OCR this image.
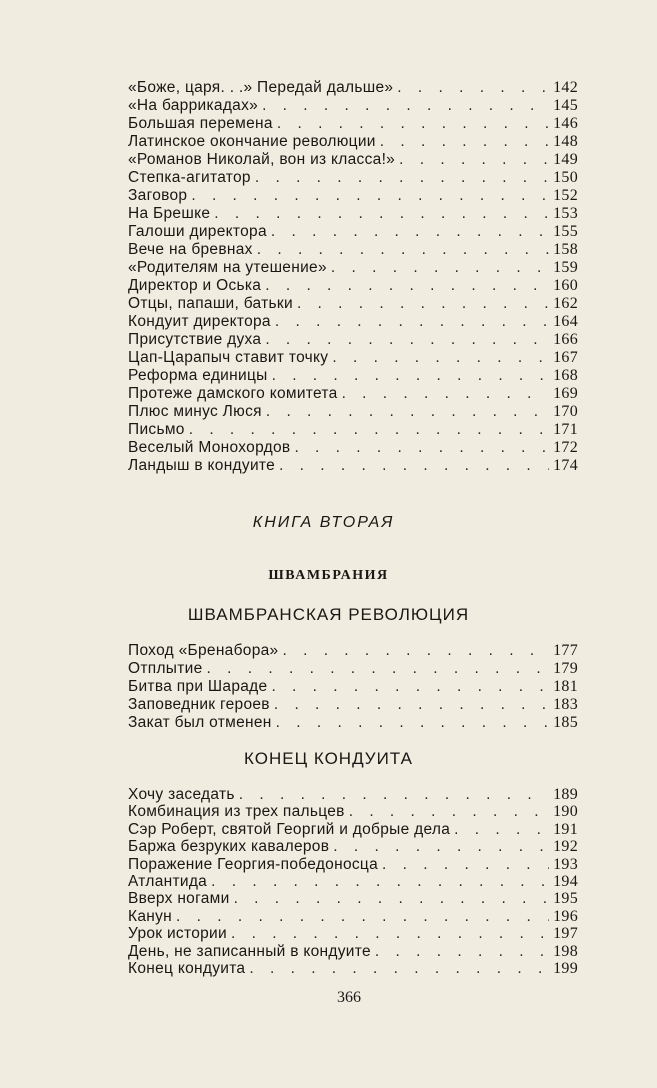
«Боже, царя. . .» Передай дальше» . . .	142
«На баррикадах» . . .	145
Большая перемена . . .	146
Латинское окончание революции . . .	148
«Романов Николай, вон из класса!» . . .	149
Степка-агитатор . . .	150
Заговор . . .	152
На Брешке . . .	153
Галоши директора . . .	155
Вече на бревнах . . .	158
«Родителям на утешение» . . .	159
Директор и Оська . . .	160
Отцы, папаши, батьки . . .	162
Кондуит директора . . .	164
Присутствие духа . . .	166
Цап-Царапыч ставит точку . . .	167
Реформа единицы . . .	168
Протеже дамского комитета . . .	169
Плюс минус Люся . . .	170
Письмо . . .	171
Веселый Монохордов . . .	172
Ландыш в кондуите . . .	174
КНИГА ВТОРАЯ
ШВАМБРАНИЯ
ШВАМБРАНСКАЯ РЕВОЛЮЦИЯ
Поход «Бренабора» . . .	177
Отплытие . . .	179
Битва при Шараде . . .	181
Заповедник героев . . .	183
Закат был отменен . . .	185
КОНЕЦ КОНДУИТА
Хочу заседать . . .	189
Комбинация из трех пальцев . . .	190
Сэр Роберт, святой Георгий и добрые дела . . .	191
Баржа безруких кавалеров . . .	192
Поражение Георгия-победоносца . . .	193
Атлантида . . .	194
Вверх ногами . . .	195
Канун . . .	196
Урок истории . . .	197
День, не записанный в кондуите . . .	198
Конец кондуита . . .	199
366
